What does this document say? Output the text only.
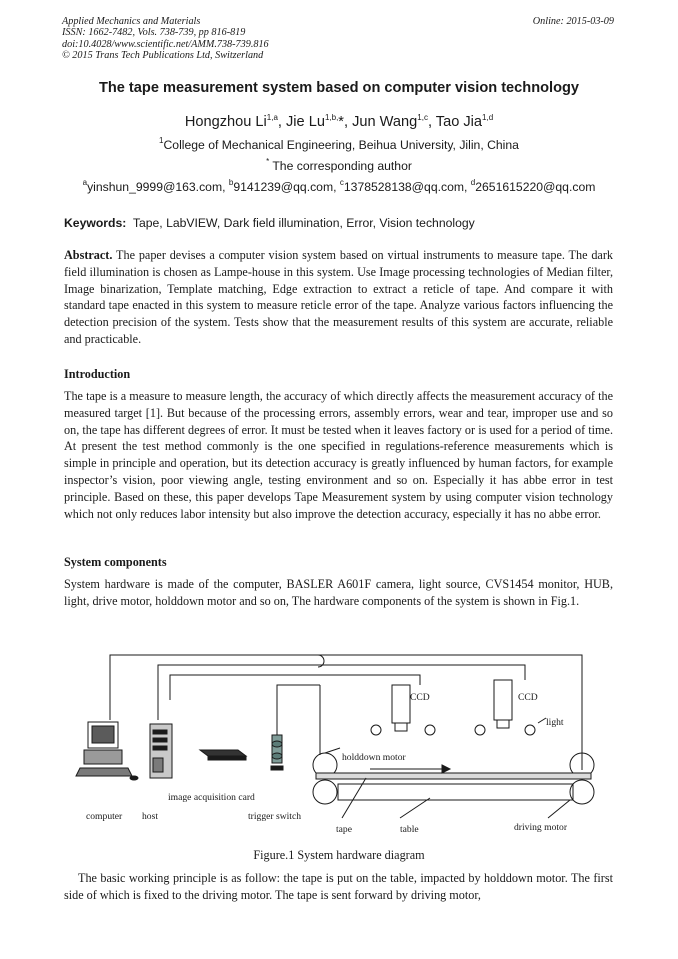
Applied Mechanics and Materials
ISSN: 1662-7482, Vols. 738-739, pp 816-819
doi:10.4028/www.scientific.net/AMM.738-739.816
© 2015 Trans Tech Publications Ltd, Switzerland
Online: 2015-03-09
The tape measurement system based on computer vision technology
Hongzhou Li$^{1,a}$, Jie $Lu^{1,b,}*$, Jun Wang$^{1,c}$, Tao Jia$^{1,d}$
$^1$College of Mechanical Engineering, Beihua University, Jilin, China
* The corresponding author
$^a$yinshun_9999@163.com, $^b$9141239@qq.com, $^c$1378528138@qq.com, $^d$2651615220@qq.com
Keywords: Tape, LabVIEW, Dark field illumination, Error, Vision technology
Abstract. The paper devises a computer vision system based on virtual instruments to measure tape. The dark field illumination is chosen as Lampe-house in this system. Use Image processing technologies of Median filter, Image binarization, Template matching, Edge extraction to extract a reticle of tape. And compare it with standard tape enacted in this system to measure reticle error of the tape. Analyze various factors influencing the detection precision of the system. Tests show that the measurement results of this system are accurate, reliable and practicable.
Introduction
The tape is a measure to measure length, the accuracy of which directly affects the measurement accuracy of the measured target [1]. But because of the processing errors, assembly errors, wear and tear, improper use and so on, the tape has different degrees of error. It must be tested when it leaves factory or is used for a period of time. At present the test method commonly is the one specified in regulations-reference measurements which is simple in principle and operation, but its detection accuracy is greatly influenced by human factors, for example inspector’s vision, poor viewing angle, testing environment and so on. Especially it has abbe error in test principle. Based on these, this paper develops Tape Measurement system by using computer vision technology which not only reduces labor intensity but also improve the detection accuracy, especially it has no abbe error.
System components
System hardware is made of the computer, BASLER A601F camera, light source, CVS1454 monitor, HUB, light, drive motor, holddown motor and so on, The hardware components of the system is shown in Fig.1.
CCD	CCD
light
holddown motor
image acquisition card
computer host	trigger switch
tape	table	driving motor
Figure.1 System hardware diagram
The basic working principle is as follow: the tape is put on the table, impacted by holddown motor. The first side of which is fixed to the driving motor. The tape is sent forward by driving motor,
